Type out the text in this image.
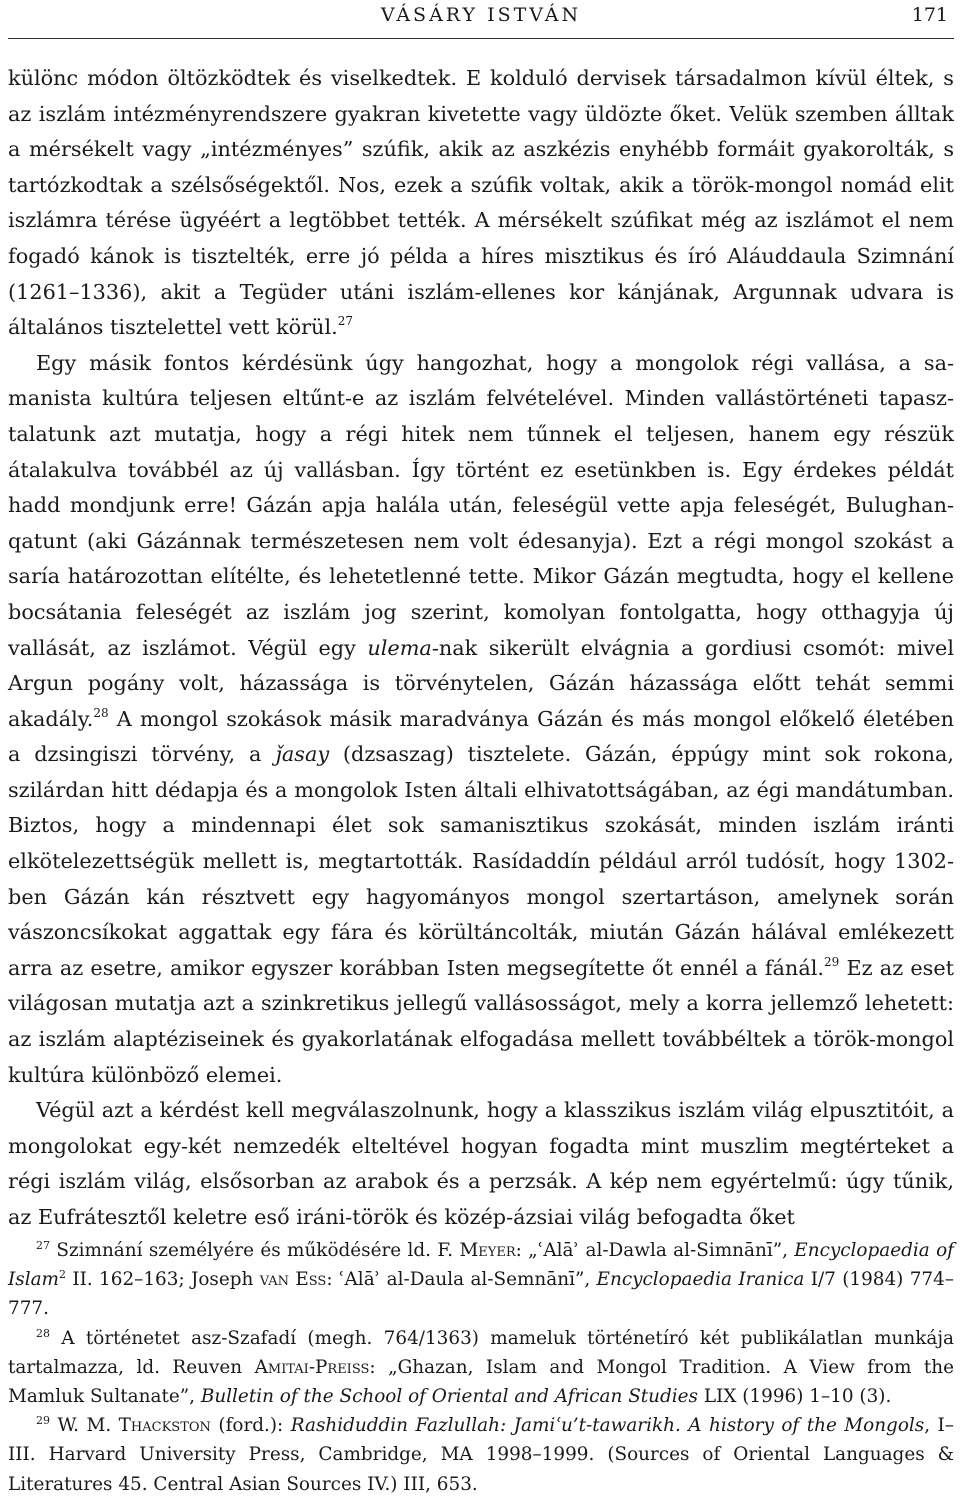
VÁSÁRY ISTVÁN	171

különc módon öltözködtek és viselkedtek. E kolduló dervisek társadalmon kívül éltek, s az iszlám intézményrendszere gyakran kivetette vagy üldözte őket. Velük szemben álltak a mérsékelt vagy „intézményes” szúfik, akik az aszkézis enyhébb formáit gyakorolták, s tartózkodtak a szélsőségektől. Nos, ezek a szúfik voltak, akik a török-mongol nomád elit iszlámra térése ügyéért a legtöbbet tették. A mérsékelt szúfikat még az iszlámot el nem fogadó kánok is tisztelték, erre jó példa a híres misztikus és író Aláuddaula Szimnání (1261–1336), akit a Tegüder utáni iszlám-ellenes kor kánjának, Argunnak udvara is általános tisztelettel vett körül.$^{27}$

Egy másik fontos kérdésünk úgy hangozhat, hogy a mongolok régi vallása, a samanista kultúra teljesen eltűnt-e az iszlám felvételével. Minden vallástörténeti tapasztalatunk azt mutatja, hogy a régi hitek nem tűnnek el teljesen, hanem egy részük átalakulva továbbél az új vallásban. Így történt ez esetünkben is. Egy érdekes példát hadd mondjunk erre! Gázán apja halála után, feleségül vette apja feleségét, Bulughanqatunt (aki Gázánnak természetesen nem volt édesanyja). Ezt a régi mongol szokást a saría határozottan elítélte, és lehetetlenné tette. Mikor Gázán megtudta, hogy el kellene bocsátania feleségét az iszlám jog szerint, komolyan fontolgatta, hogy otthagyja új vallását, az iszlámot. Végül egy ulema-nak sikerült elvágnia a gordiusi csomót: mivel Argun pogány volt, házassága is törvénytelen, Gázán házassága előtt tehát semmi akadály.$^{28}$ A mongol szokások másik maradványa Gázán és más mongol előkelő életében a dzsingiszi törvény, a ǰasay (dzsaszag) tisztelete. Gázán, éppúgy mint sok rokona, szilárdan hitt dédapja és a mongolok Isten általi elhivatottságában, az égi mandátumban. Biztos, hogy a mindennapi élet sok samanisztikus szokását, minden iszlám iránti elkötelezettségük mellett is, megtartották. Rasídaddín például arról tudósít, hogy 1302-ben Gázán kán résztvett egy hagyományos mongol szertartáson, amelynek során vászoncsíkokat aggattak egy fára és körültáncolták, miután Gázán hálával emlékezett arra az esetre, amikor egyszer korábban Isten megsegítette őt ennél a fánál.$^{29}$ Ez az eset világosan mutatja azt a szinkretikus jellegű vallásosságot, mely a korra jellemző lehetett: az iszlám alaptéziseinek és gyakorlatának elfogadása mellett továbbéltek a török-mongol kultúra különböző elemei.

Végül azt a kérdést kell megválaszolnunk, hogy a klasszikus iszlám világ elpusztitóit, a mongolokat egy-két nemzedék elteltével hogyan fogadta mint muszlim megtérteket a régi iszlám világ, elsősorban az arabok és a perzsák. A kép nem egyértelmű: úgy tűnik, az Eufrátesztől keletre eső iráni-török és közép-ázsiai világ befogadta őket

$^{27}$ Szimnání személyére és működésére ld. F. Meyer: „ʿAlāʾ al-Dawla al-Simnānī”, Encyclopaedia of Islam$^2$ II. 162–163; Joseph van Ess: ʿAlāʾ al-Daula al-Semnānī”, Encyclopaedia Iranica I/7 (1984) 774–777.

$^{28}$ A történetet asz-Szafadí (megh. 764/1363) mameluk történetíró két publikálatlan munkája tartalmazza, ld. Reuven Amitai-Preiss: „Ghazan, Islam and Mongol Tradition. A View from the Mamluk Sultanate”, Bulletin of the School of Oriental and African Studies LIX (1996) 1–10 (3).

$^{29}$ W. M. Thackston (ford.): Rashiduddin Fazlullah: Jamiʿu’t-tawarikh. A history of the Mongols, I–III. Harvard University Press, Cambridge, MA 1998–1999. (Sources of Oriental Languages & Literatures 45. Central Asian Sources IV.) III, 653.
